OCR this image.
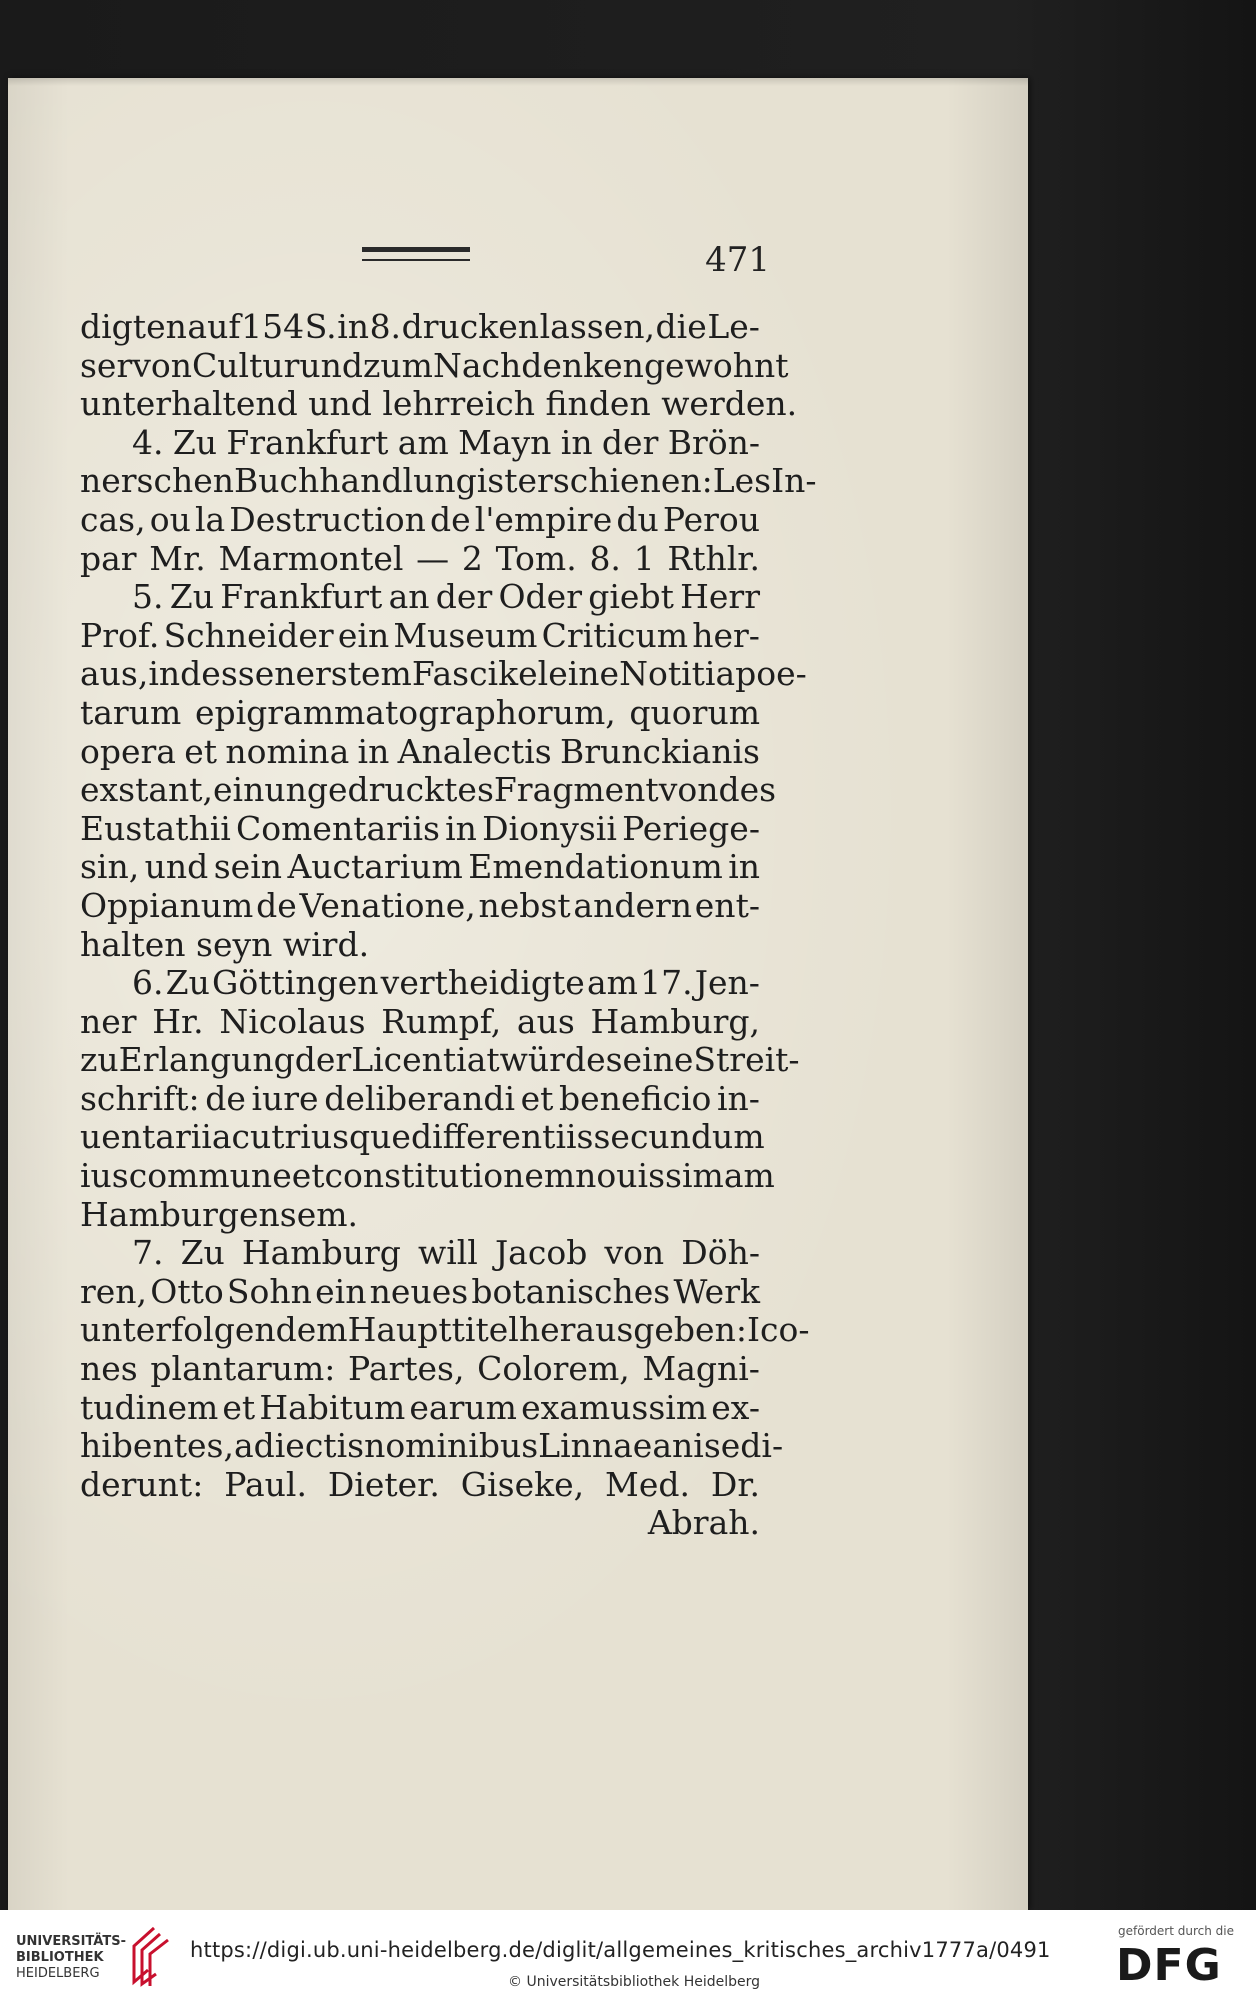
471
digten auf 154 S. in 8. drucken lassen, die Le-
ser von Cultur und zum Nachdenken gewohnt
unterhaltend und lehrreich finden werden.
4. Zu Frankfurt am Mayn in der Brön-
nerschen Buchhandlung ist erschienen: Les In-
cas, ou la Destruction de l'empire du Perou
par Mr. Marmontel — 2 Tom. 8. 1 Rthlr.
5. Zu Frankfurt an der Oder giebt Herr
Prof. Schneider ein Museum Criticum her-
aus, in dessen erstem Fascikel eine Notitia poe-
tarum epigrammatographorum, quorum
opera et nomina in Analectis Brunckianis
exstant, ein ungedrucktes Fragment von des
Eustathii Comentariis in Dionysii Periege-
sin, und sein Auctarium Emendationum in
Oppianum de Venatione, nebst andern ent-
halten seyn wird.
6. Zu Göttingen vertheidigte am 17. Jen-
ner Hr. Nicolaus Rumpf, aus Hamburg,
zu Erlangung der Licentiatwürde seine Streit-
schrift: de iure deliberandi et beneficio in-
uentarii ac utriusque differentiis secundum
ius commune et constitutionem nouissimam
Hamburgensem.
7. Zu Hamburg will Jacob von Döh-
ren, Otto Sohn ein neues botanisches Werk
unter folgendem Haupttitel herausgeben: Ico-
nes plantarum: Partes, Colorem, Magni-
tudinem et Habitum earum examussim ex-
hibentes, adiectis nominibus Linnaeanis edi-
derunt: Paul. Dieter. Giseke, Med. Dr.
Abrah.
UNIVERSITÄTS-
BIBLIOTHEK
HEIDELBERG
https://digi.ub.uni-heidelberg.de/diglit/allgemeines_kritisches_archiv1777a/0491
© Universitätsbibliothek Heidelberg
gefördert durch die
DFG
